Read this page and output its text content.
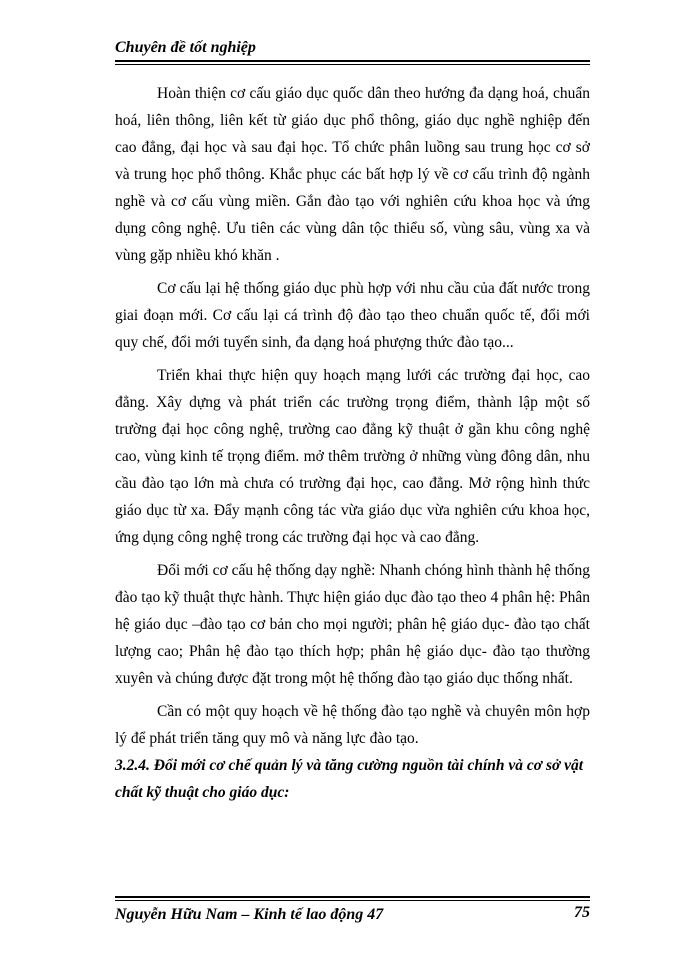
Chuyên đề tốt nghiệp

Hoàn thiện cơ cấu giáo dục quốc dân theo hướng đa dạng hoá, chuẩn hoá, liên thông, liên kết từ giáo dục phổ thông, giáo dục nghề nghiệp đến cao đẳng, đại học và sau đại học. Tổ chức phân luồng sau trung học cơ sở và trung học phổ thông. Khắc phục các bất hợp lý về cơ cấu trình độ ngành nghề và cơ cấu vùng miền. Gắn đào tạo với nghiên cứu khoa học và ứng dụng công nghệ. Ưu tiên các vùng dân tộc thiểu số, vùng sâu, vùng xa và vùng gặp nhiều khó khăn .

Cơ cấu lại hệ thống giáo dục phù hợp với nhu cầu của đất nước trong giai đoạn mới. Cơ cấu lại cá trình độ đào tạo theo chuẩn quốc tế, đổi mới quy chế, đổi mới tuyển sinh, đa dạng hoá phượng thức đào tạo...

Triển khai thực hiện quy hoạch mạng lưới các trường đại học, cao đẳng. Xây dựng và phát triển các trường trọng điểm, thành lập một số trường đại học công nghệ, trường cao đẳng kỹ thuật ở gần khu công nghệ cao, vùng kinh tế trọng điểm. mở thêm trường ở những vùng đông dân, nhu cầu đào tạo lớn mà chưa có trường đại học, cao đẳng. Mở rộng hình thức giáo dục từ xa. Đẩy mạnh công tác vừa giáo dục vừa nghiên cứu khoa học, ứng dụng công nghệ trong các trường đại học và cao đẳng.

Đổi mới cơ cấu hệ thống dạy nghề: Nhanh chóng hình thành hệ thống đào tạo kỹ thuật thực hành. Thực hiện giáo dục đào tạo theo 4 phân hệ: Phân hệ giáo dục –đào tạo cơ bản cho mọi người; phân hệ giáo dục- đào tạo chất lượng cao; Phân hệ đào tạo thích hợp; phân hệ giáo dục- đào tạo thường xuyên và chúng được đặt trong một hệ thống đào tạo giáo dục thống nhất.

Cần có một quy hoạch về hệ thống đào tạo nghề và chuyên môn hợp lý để phát triển tăng quy mô và năng lực đào tạo.

3.2.4. Đổi mới cơ chế quản lý và tăng cường nguồn tài chính và cơ sở vật chất kỹ thuật cho giáo dục:

Nguyễn Hữu Nam – Kinh tế lao động 47	75
